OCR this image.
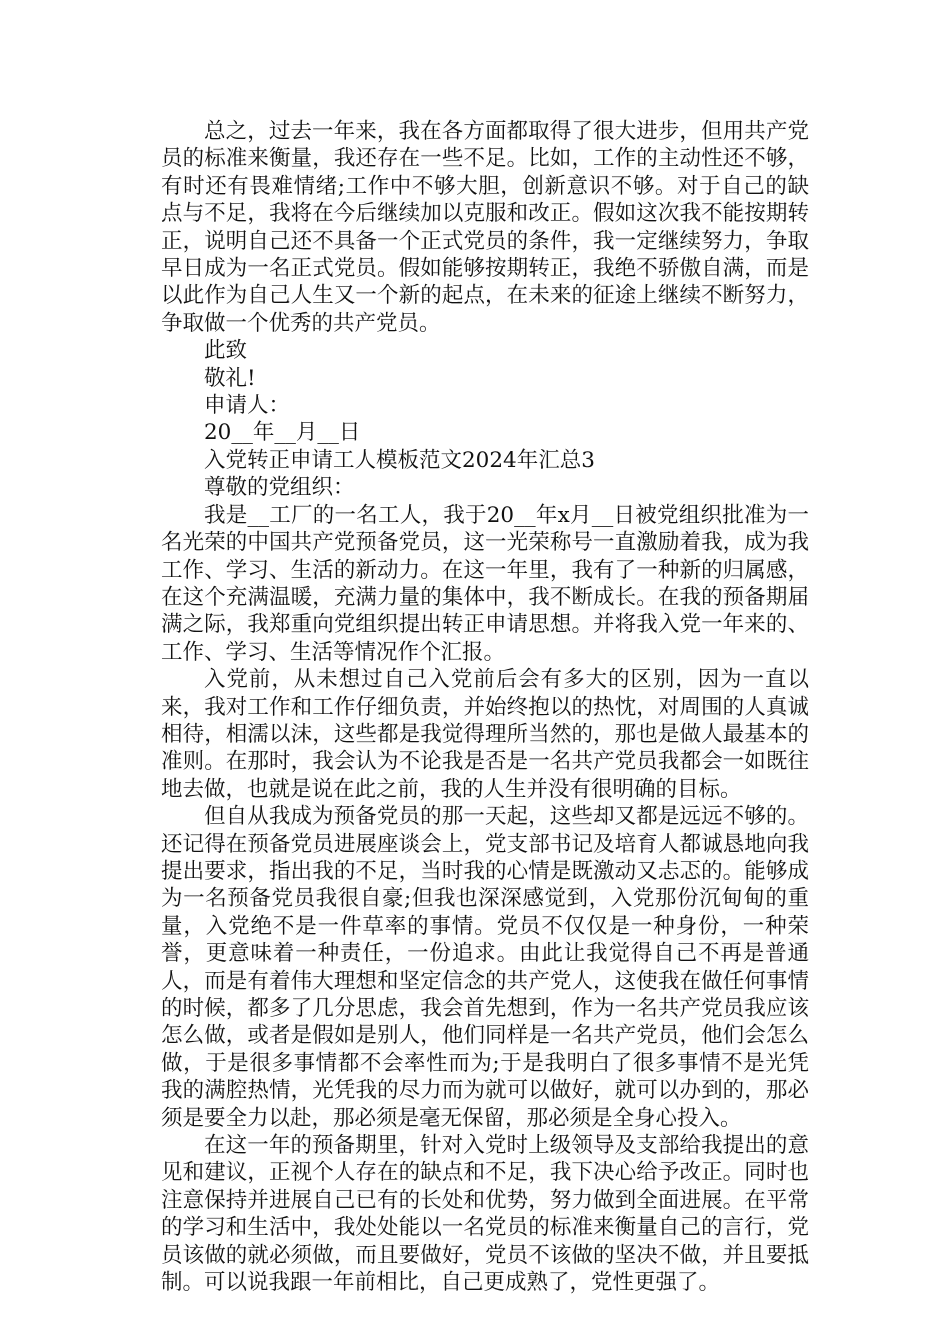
总之，过去一年来，我在各方面都取得了很大进步，但用共产党员的标准来衡量，我还存在一些不足。比如，工作的主动性还不够，有时还有畏难情绪;工作中不够大胆，创新意识不够。对于自己的缺点与不足，我将在今后继续加以克服和改正。假如这次我不能按期转正，说明自己还不具备一个正式党员的条件，我一定继续努力，争取早日成为一名正式党员。假如能够按期转正，我绝不骄傲自满，而是以此作为自己人生又一个新的起点，在未来的征途上继续不断努力，争取做一个优秀的共产党员。

此致

敬礼!

申请人：

20__年__月__日

入党转正申请工人模板范文2024年汇总3

尊敬的党组织：

我是__工厂的一名工人，我于20__年x月__日被党组织批准为一名光荣的中国共产党预备党员，这一光荣称号一直激励着我，成为我工作、学习、生活的新动力。在这一年里，我有了一种新的归属感，在这个充满温暖，充满力量的集体中，我不断成长。在我的预备期届满之际，我郑重向党组织提出转正申请思想。并将我入党一年来的、工作、学习、生活等情况作个汇报。

入党前，从未想过自己入党前后会有多大的区别，因为一直以来，我对工作和工作仔细负责，并始终抱以的热忱，对周围的人真诚相待，相濡以沫，这些都是我觉得理所当然的，那也是做人最基本的准则。在那时，我会认为不论我是否是一名共产党员我都会一如既往地去做，也就是说在此之前，我的人生并没有很明确的目标。

但自从我成为预备党员的那一天起，这些却又都是远远不够的。还记得在预备党员进展座谈会上，党支部书记及培育人都诚恳地向我提出要求，指出我的不足，当时我的心情是既激动又忐忑的。能够成为一名预备党员我很自豪;但我也深深感觉到，入党那份沉甸甸的重量，入党绝不是一件草率的事情。党员不仅仅是一种身份，一种荣誉，更意味着一种责任，一份追求。由此让我觉得自己不再是普通人，而是有着伟大理想和坚定信念的共产党人，这使我在做任何事情的时候，都多了几分思虑，我会首先想到，作为一名共产党员我应该怎么做，或者是假如是别人，他们同样是一名共产党员，他们会怎么做，于是很多事情都不会率性而为;于是我明白了很多事情不是光凭我的满腔热情，光凭我的尽力而为就可以做好，就可以办到的，那必须是要全力以赴，那必须是毫无保留，那必须是全身心投入。

在这一年的预备期里，针对入党时上级领导及支部给我提出的意见和建议，正视个人存在的缺点和不足，我下决心给予改正。同时也注意保持并进展自己已有的长处和优势，努力做到全面进展。在平常的学习和生活中，我处处能以一名党员的标准来衡量自己的言行，党员该做的就必须做，而且要做好，党员不该做的坚决不做，并且要抵制。可以说我跟一年前相比，自己更成熟了，党性更强了。
